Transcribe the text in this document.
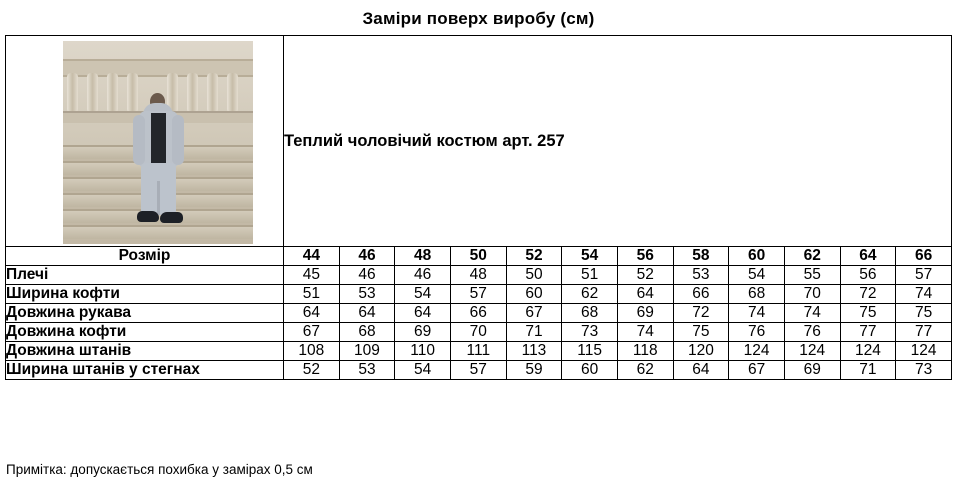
Заміри поверх виробу (см)

	Теплий чоловічий костюм арт. 257											

Розмір	44	46	48	50	52	54	56	58	60	62	64	66
Плечі	45	46	46	48	50	51	52	53	54	55	56	57
Ширина кофти	51	53	54	57	60	62	64	66	68	70	72	74
Довжина рукава	64	64	64	66	67	68	69	72	74	74	75	75
Довжина кофти	67	68	69	70	71	73	74	75	76	76	77	77
Довжина штанів	108	109	110	111	113	115	118	120	124	124	124	124
Ширина штанів у стегнах	52	53	54	57	59	60	62	64	67	69	71	73
Примітка: допускається похибка у замірах 0,5 см
